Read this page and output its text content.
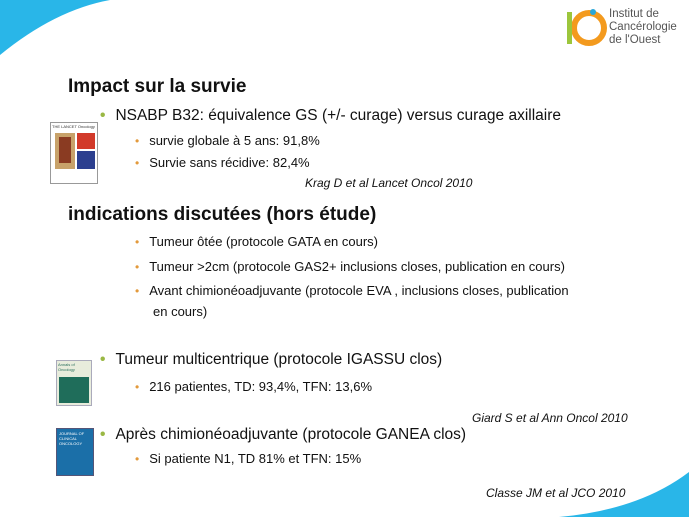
Institut de
Cancérologie
de l'Ouest
Impact sur la survie
• NSABP B32: équivalence GS (+/- curage) versus curage axillaire
THE LANCET Oncology
• survie globale à 5 ans: 91,8%
• Survie sans récidive: 82,4%
Krag D et al Lancet Oncol 2010
indications discutées (hors étude)
• Tumeur ôtée (protocole GATA en cours)
• Tumeur >2cm (protocole GAS2+ inclusions closes, publication en cours)
• Avant chimionéoadjuvante (protocole EVA , inclusions closes, publication
en cours)
Annals of Oncology
• Tumeur multicentrique (protocole IGASSU clos)
• 216 patientes, TD: 93,4%, TFN: 13,6%
Giard S et al Ann Oncol 2010
JOURNAL OF CLINICAL ONCOLOGY
• Après chimionéoadjuvante (protocole GANEA clos)
• Si patiente N1, TD 81% et TFN: 15%
Classe JM et al JCO 2010
